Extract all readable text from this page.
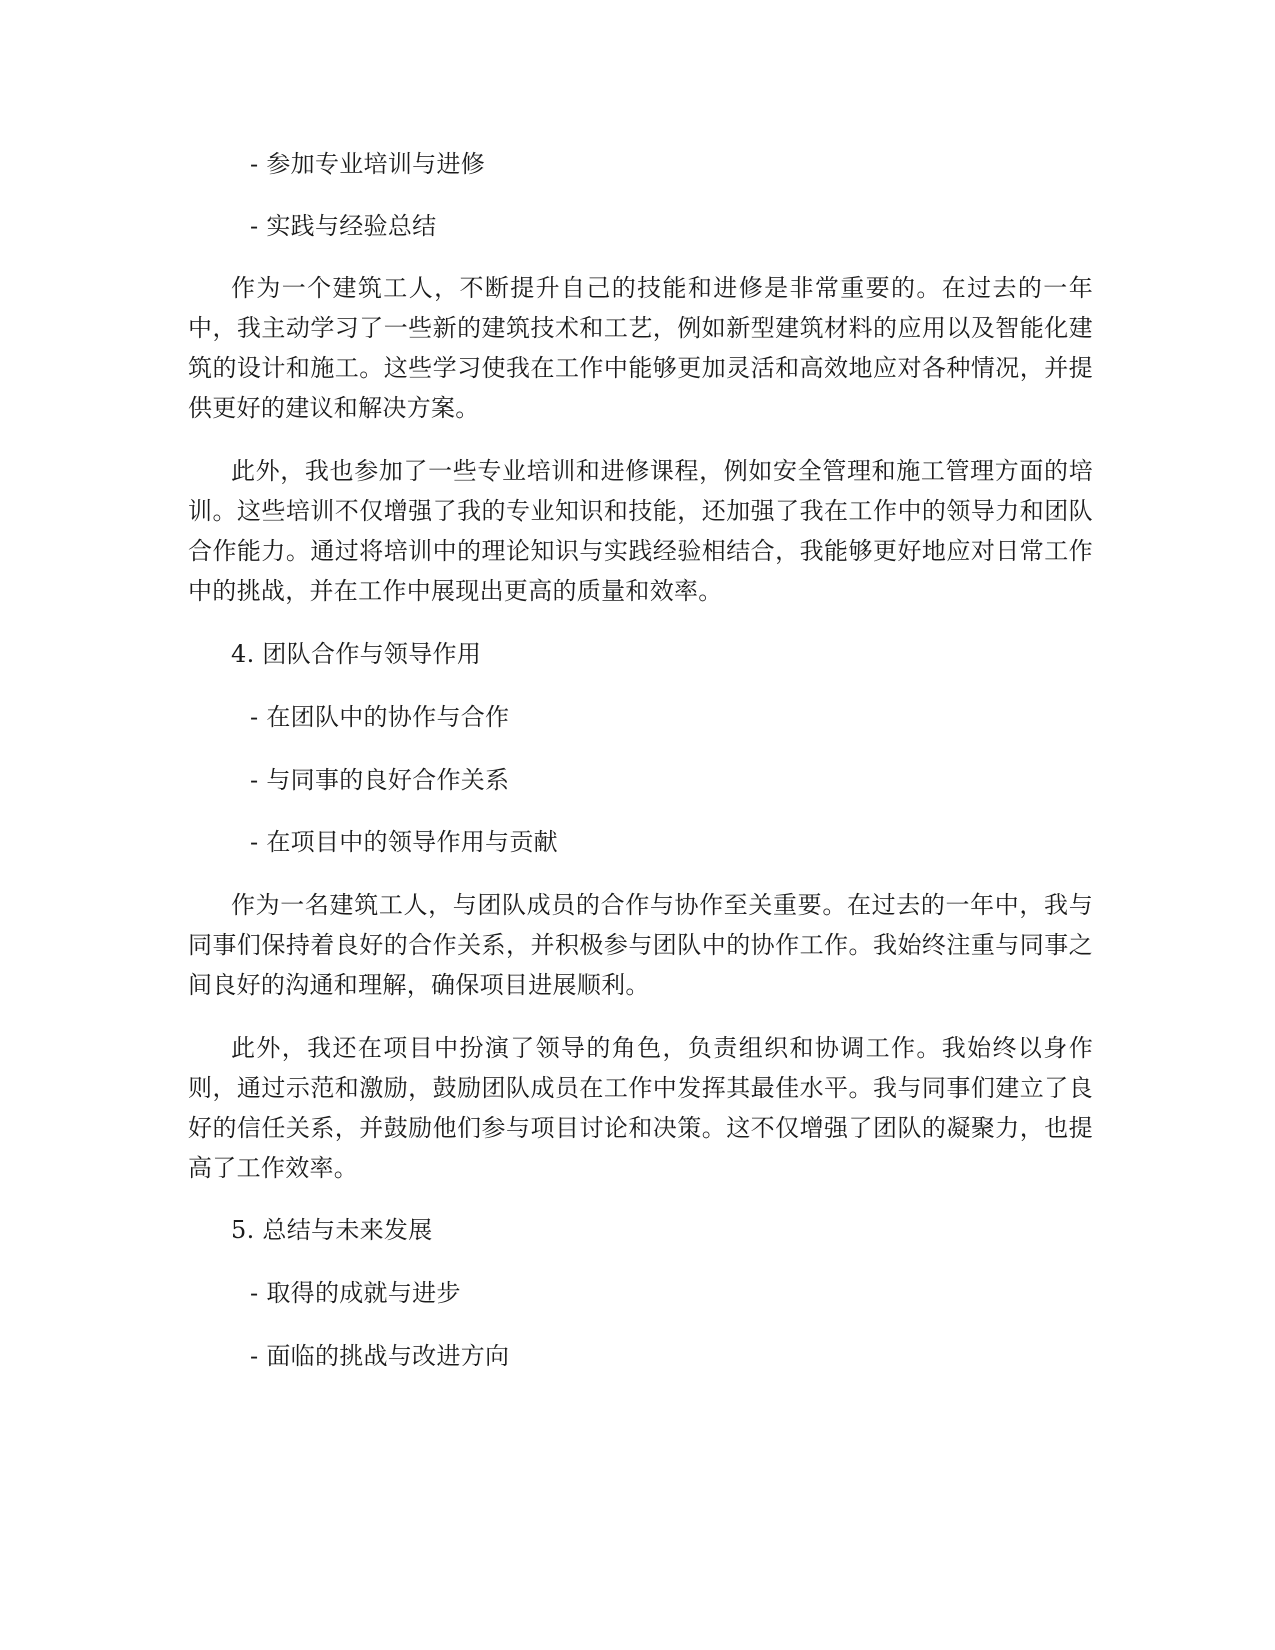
- 参加专业培训与进修

- 实践与经验总结

作为一个建筑工人，不断提升自己的技能和进修是非常重要的。在过去的一年中，我主动学习了一些新的建筑技术和工艺，例如新型建筑材料的应用以及智能化建筑的设计和施工。这些学习使我在工作中能够更加灵活和高效地应对各种情况，并提供更好的建议和解决方案。

此外，我也参加了一些专业培训和进修课程，例如安全管理和施工管理方面的培训。这些培训不仅增强了我的专业知识和技能，还加强了我在工作中的领导力和团队合作能力。通过将培训中的理论知识与实践经验相结合，我能够更好地应对日常工作中的挑战，并在工作中展现出更高的质量和效率。

4. 团队合作与领导作用

- 在团队中的协作与合作

- 与同事的良好合作关系

- 在项目中的领导作用与贡献

作为一名建筑工人，与团队成员的合作与协作至关重要。在过去的一年中，我与同事们保持着良好的合作关系，并积极参与团队中的协作工作。我始终注重与同事之间良好的沟通和理解，确保项目进展顺利。

此外，我还在项目中扮演了领导的角色，负责组织和协调工作。我始终以身作则，通过示范和激励，鼓励团队成员在工作中发挥其最佳水平。我与同事们建立了良好的信任关系，并鼓励他们参与项目讨论和决策。这不仅增强了团队的凝聚力，也提高了工作效率。

5. 总结与未来发展

- 取得的成就与进步

- 面临的挑战与改进方向
